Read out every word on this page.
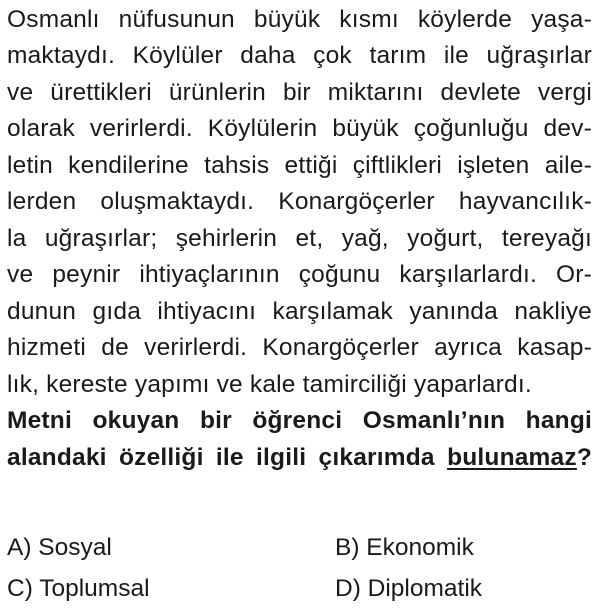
Osmanlı nüfusunun büyük kısmı köylerde yaşa-
maktaydı. Köylüler daha çok tarım ile uğraşırlar
ve ürettikleri ürünlerin bir miktarını devlete vergi
olarak verirlerdi. Köylülerin büyük çoğunluğu dev-
letin kendilerine tahsis ettiği çiftlikleri işleten aile-
lerden oluşmaktaydı. Konargöçerler hayvancılık-
la uğraşırlar; şehirlerin et, yağ, yoğurt, tereyağı
ve peynir ihtiyaçlarının çoğunu karşılarlardı. Or-
dunun gıda ihtiyacını karşılamak yanında nakliye
hizmeti de verirlerdi. Konargöçerler ayrıca kasap-
lık, kereste yapımı ve kale tamirciliği yaparlardı.
Metni okuyan bir öğrenci Osmanlı’nın hangi
alandaki özelliği ile ilgili çıkarımda bulunamaz?
A) Sosyal	B) Ekonomik
C) Toplumsal	D) Diplomatik
